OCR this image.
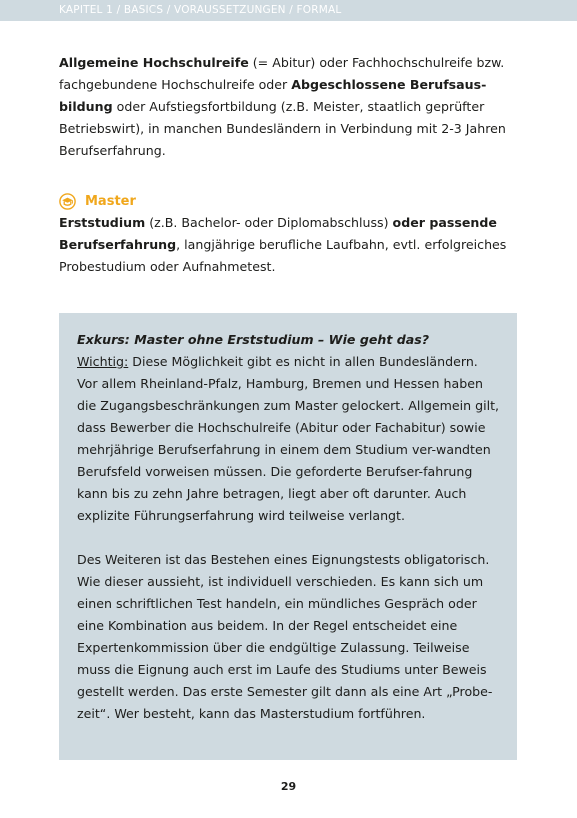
KAPITEL 1 / BASICS / VORAUSSETZUNGEN / FORMAL

Allgemeine Hochschulreife (= Abitur) oder Fachhochschulreife bzw. fachgebundene Hochschulreife oder Abgeschlossene Berufsaus-bildung oder Aufstiegsfortbildung (z.B. Meister, staatlich geprüfter Betriebswirt), in manchen Bundesländern in Verbindung mit 2-3 Jahren Berufserfahrung.

Master

Erststudium (z.B. Bachelor- oder Diplomabschluss) oder passende Berufserfahrung, langjährige berufliche Laufbahn, evtl. erfolgreiches Probestudium oder Aufnahmetest.

Exkurs: Master ohne Erststudium – Wie geht das?

Wichtig: Diese Möglichkeit gibt es nicht in allen Bundesländern. Vor allem Rheinland-Pfalz, Hamburg, Bremen und Hessen haben die Zugangsbeschränkungen zum Master gelockert. Allgemein gilt, dass Bewerber die Hochschulreife (Abitur oder Fachabitur) sowie mehrjährige Berufserfahrung in einem dem Studium ver-wandten Berufsfeld vorweisen müssen. Die geforderte Berufser-fahrung kann bis zu zehn Jahre betragen, liegt aber oft darunter. Auch explizite Führungserfahrung wird teilweise verlangt.

Des Weiteren ist das Bestehen eines Eignungstests obligatorisch. Wie dieser aussieht, ist individuell verschieden. Es kann sich um einen schriftlichen Test handeln, ein mündliches Gespräch oder eine Kombination aus beidem. In der Regel entscheidet eine Expertenkommission über die endgültige Zulassung. Teilweise muss die Eignung auch erst im Laufe des Studiums unter Beweis gestellt werden. Das erste Semester gilt dann als eine Art „Probe-zeit“. Wer besteht, kann das Masterstudium fortführen.

29
